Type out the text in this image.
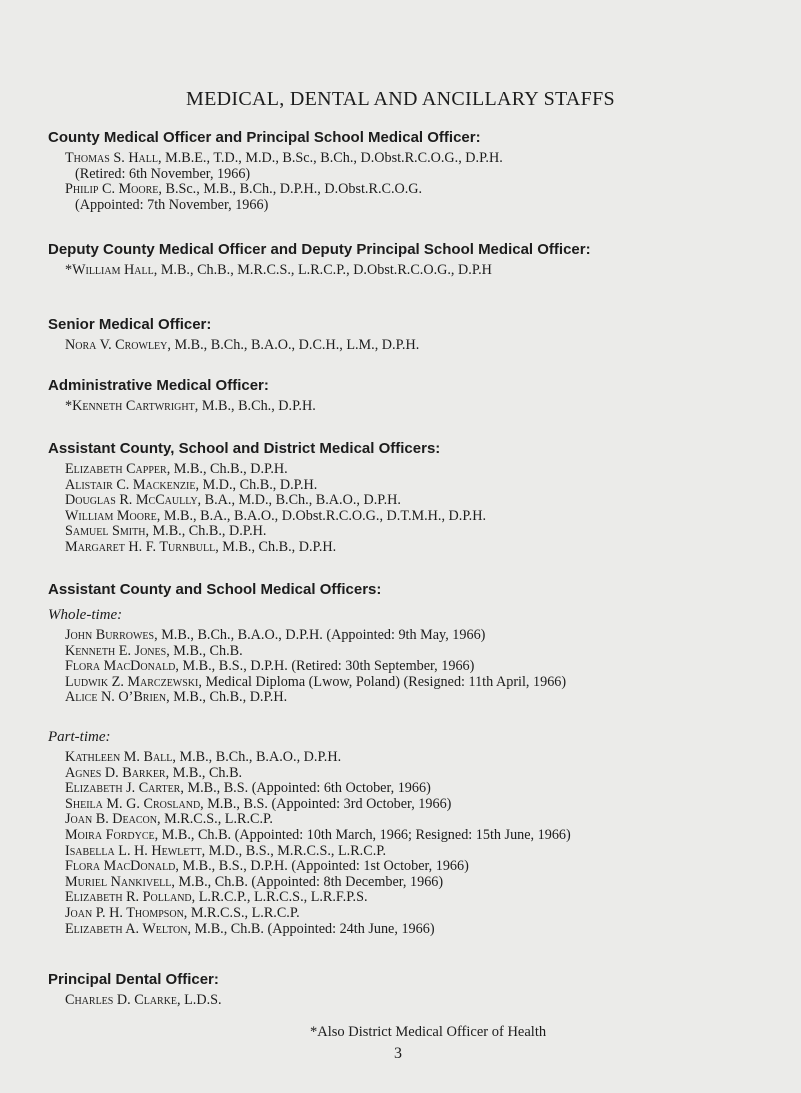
MEDICAL, DENTAL AND ANCILLARY STAFFS
County Medical Officer and Principal School Medical Officer:
Thomas S. Hall, M.B.E., T.D., M.D., B.Sc., B.Ch., D.Obst.R.C.O.G., D.P.H.
(Retired: 6th November, 1966)
Philip C. Moore, B.Sc., M.B., B.Ch., D.P.H., D.Obst.R.C.O.G.
(Appointed: 7th November, 1966)
Deputy County Medical Officer and Deputy Principal School Medical Officer:
*William Hall, M.B., Ch.B., M.R.C.S., L.R.C.P., D.Obst.R.C.O.G., D.P.H
Senior Medical Officer:
Nora V. Crowley, M.B., B.Ch., B.A.O., D.C.H., L.M., D.P.H.
Administrative Medical Officer:
*Kenneth Cartwright, M.B., B.Ch., D.P.H.
Assistant County, School and District Medical Officers:
Elizabeth Capper, M.B., Ch.B., D.P.H.
Alistair C. Mackenzie, M.D., Ch.B., D.P.H.
Douglas R. McCaully, B.A., M.D., B.Ch., B.A.O., D.P.H.
William Moore, M.B., B.A., B.A.O., D.Obst.R.C.O.G., D.T.M.H., D.P.H.
Samuel Smith, M.B., Ch.B., D.P.H.
Margaret H. F. Turnbull, M.B., Ch.B., D.P.H.
Assistant County and School Medical Officers:
Whole-time:
John Burrowes, M.B., B.Ch., B.A.O., D.P.H. (Appointed: 9th May, 1966)
Kenneth E. Jones, M.B., Ch.B.
Flora MacDonald, M.B., B.S., D.P.H. (Retired: 30th September, 1966)
Ludwik Z. Marczewski, Medical Diploma (Lwow, Poland) (Resigned: 11th April, 1966)
Alice N. O’Brien, M.B., Ch.B., D.P.H.
Part-time:
Kathleen M. Ball, M.B., B.Ch., B.A.O., D.P.H.
Agnes D. Barker, M.B., Ch.B.
Elizabeth J. Carter, M.B., B.S. (Appointed: 6th October, 1966)
Sheila M. G. Crosland, M.B., B.S. (Appointed: 3rd October, 1966)
Joan B. Deacon, M.R.C.S., L.R.C.P.
Moira Fordyce, M.B., Ch.B. (Appointed: 10th March, 1966; Resigned: 15th June, 1966)
Isabella L. H. Hewlett, M.D., B.S., M.R.C.S., L.R.C.P.
Flora MacDonald, M.B., B.S., D.P.H. (Appointed: 1st October, 1966)
Muriel Nankivell, M.B., Ch.B. (Appointed: 8th December, 1966)
Elizabeth R. Polland, L.R.C.P., L.R.C.S., L.R.F.P.S.
Joan P. H. Thompson, M.R.C.S., L.R.C.P.
Elizabeth A. Welton, M.B., Ch.B. (Appointed: 24th June, 1966)
Principal Dental Officer:
Charles D. Clarke, L.D.S.
*Also District Medical Officer of Health
3
